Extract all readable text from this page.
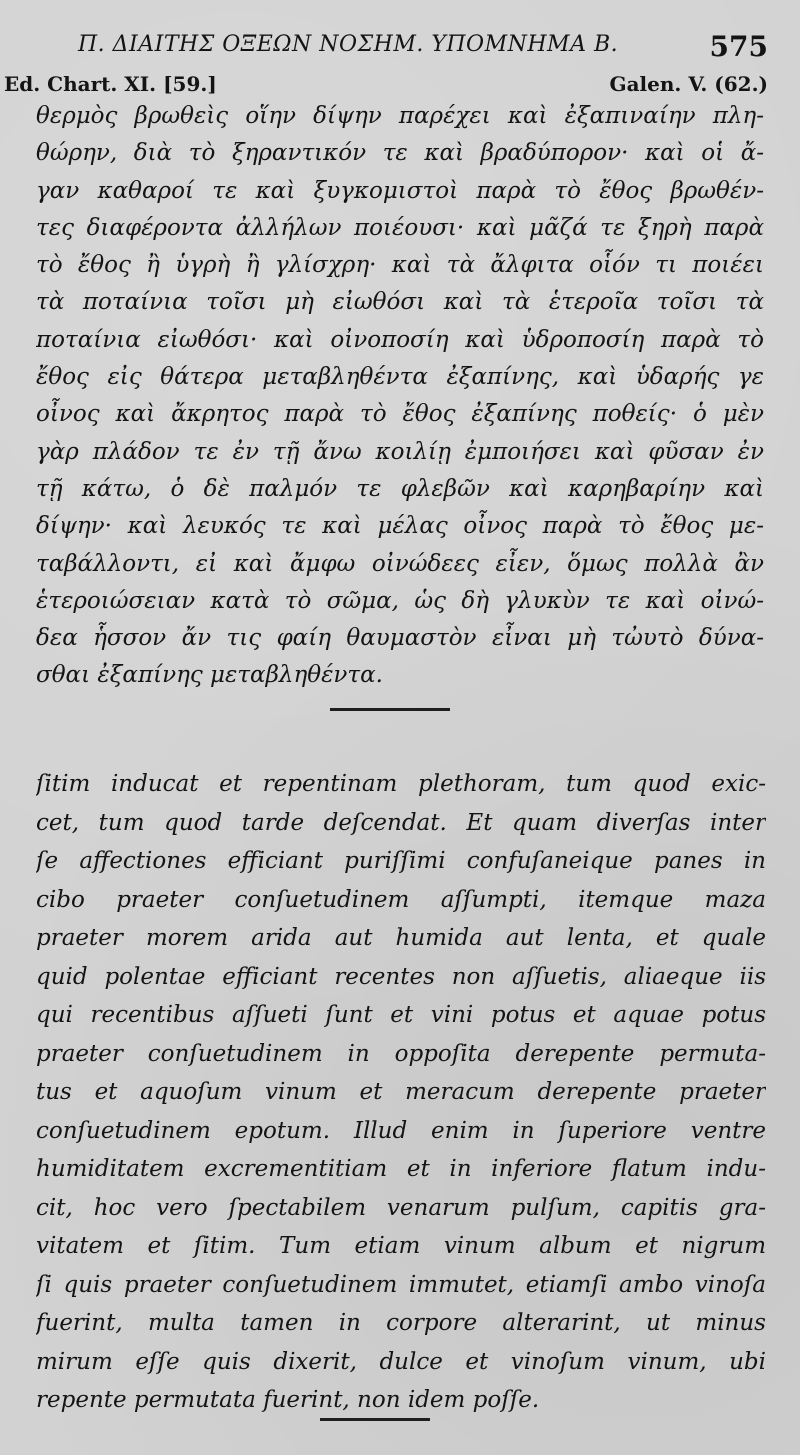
Π. ΔΙΑΙΤΗΣ ΟΞΕΩΝ ΝΟΣΗΜ. ΥΠΟΜΝΗΜΑ Β.	575
Ed. Chart. XI. [59.]	Galen. V. (62.)
θερμὸς βρωθεὶς οἵην δίψην παρέχει καὶ ἐξαπιναίην πλη-
θώρην, διὰ τὸ ξηραντικόν τε καὶ βραδύπορον· καὶ οἱ ἄ-
γαν καθαροί τε καὶ ξυγκομιστοὶ παρὰ τὸ ἔθος βρωθέν-
τες διαφέροντα ἀλλήλων ποιέουσι· καὶ μᾶζά τε ξηρὴ παρὰ
τὸ ἔθος ἢ ὑγρὴ ἢ γλίσχρη· καὶ τὰ ἄλφιτα οἷόν τι ποιέει
τὰ ποταίνια τοῖσι μὴ εἰωθόσι καὶ τὰ ἑτεροῖα τοῖσι τὰ
ποταίνια εἰωθόσι· καὶ οἰνοποσίη καὶ ὑδροποσίη παρὰ τὸ
ἔθος εἰς θάτερα μεταβληθέντα ἐξαπίνης, καὶ ὑδαρής γε
οἶνος καὶ ἄκρητος παρὰ τὸ ἔθος ἐξαπίνης ποθείς· ὁ μὲν
γὰρ πλάδον τε ἐν τῇ ἄνω κοιλίῃ ἐμποιήσει καὶ φῦσαν ἐν
τῇ κάτω, ὁ δὲ παλμόν τε φλεβῶν καὶ καρηβαρίην καὶ
δίψην· καὶ λευκός τε καὶ μέλας οἶνος παρὰ τὸ ἔθος με-
ταβάλλοντι, εἰ καὶ ἄμφω οἰνώδεες εἶεν, ὅμως πολλὰ ἂν
ἑτεροιώσειαν κατὰ τὸ σῶμα, ὡς δὴ γλυκὺν τε καὶ οἰνώ-
δεα ἧσσον ἄν τις φαίη θαυμαστὸν εἶναι μὴ τὠυτὸ δύνα-
σθαι ἐξαπίνης μεταβληθέντα.
ſitim inducat et repentinam plethoram, tum quod exic-
cet, tum quod tarde deſcendat. Et quam diverſas inter
ſe affectiones efficiant puriſſimi confuſaneique panes in
cibo praeter conſuetudinem aſſumpti, itemque maza
praeter morem arida aut humida aut lenta, et quale
quid polentae efficiant recentes non aſſuetis, aliaeque iis
qui recentibus aſſueti ſunt et vini potus et aquae potus
praeter conſuetudinem in oppoſita derepente permuta-
tus et aquoſum vinum et meracum derepente praeter
conſuetudinem epotum. Illud enim in ſuperiore ventre
humiditatem excrementitiam et in inferiore flatum indu-
cit, hoc vero ſpectabilem venarum pulſum, capitis gra-
vitatem et ſitim. Tum etiam vinum album et nigrum
ſi quis praeter conſuetudinem immutet, etiamſi ambo vinoſa
fuerint, multa tamen in corpore alterarint, ut minus
mirum eſſe quis dixerit, dulce et vinoſum vinum, ubi
repente permutata fuerint, non idem poſſe.
